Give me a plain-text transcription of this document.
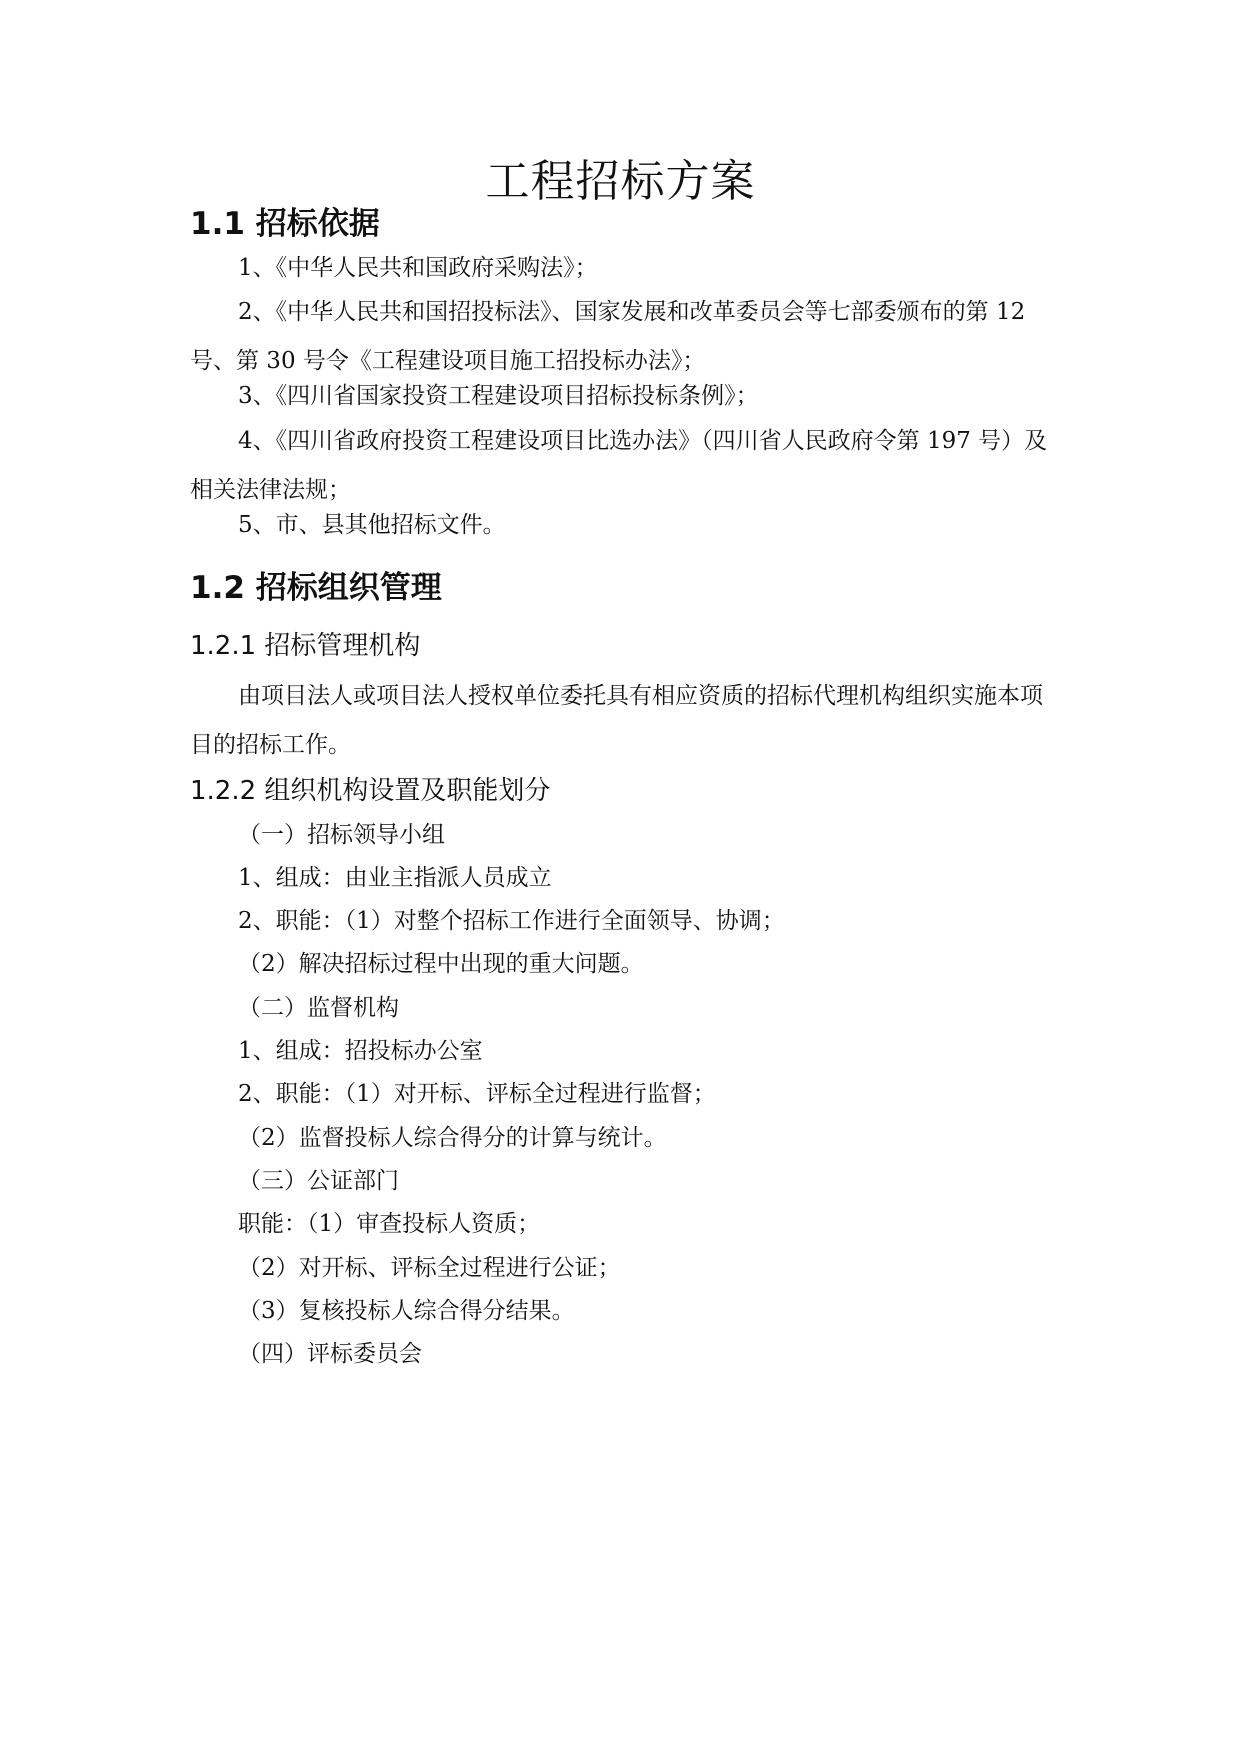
工程招标方案
1.1 招标依据
1、《中华人民共和国政府采购法》；
2、《中华人民共和国招投标法》、国家发展和改革委员会等七部委颁布的第 12 号、第 30 号令《工程建设项目施工招投标办法》；
3、《四川省国家投资工程建设项目招标投标条例》；
4、《四川省政府投资工程建设项目比选办法》（四川省人民政府令第 197 号）及相关法律法规；
5、市、县其他招标文件。
1.2 招标组织管理
1.2.1 招标管理机构
由项目法人或项目法人授权单位委托具有相应资质的招标代理机构组织实施本项目的招标工作。
1.2.2 组织机构设置及职能划分
（一）招标领导小组
1、组成：由业主指派人员成立
2、职能：（1）对整个招标工作进行全面领导、协调；
（2）解决招标过程中出现的重大问题。
（二）监督机构
1、组成：招投标办公室
2、职能：（1）对开标、评标全过程进行监督；
（2）监督投标人综合得分的计算与统计。
（三）公证部门
职能：（1）审查投标人资质；
（2）对开标、评标全过程进行公证；
（3）复核投标人综合得分结果。
（四）评标委员会
